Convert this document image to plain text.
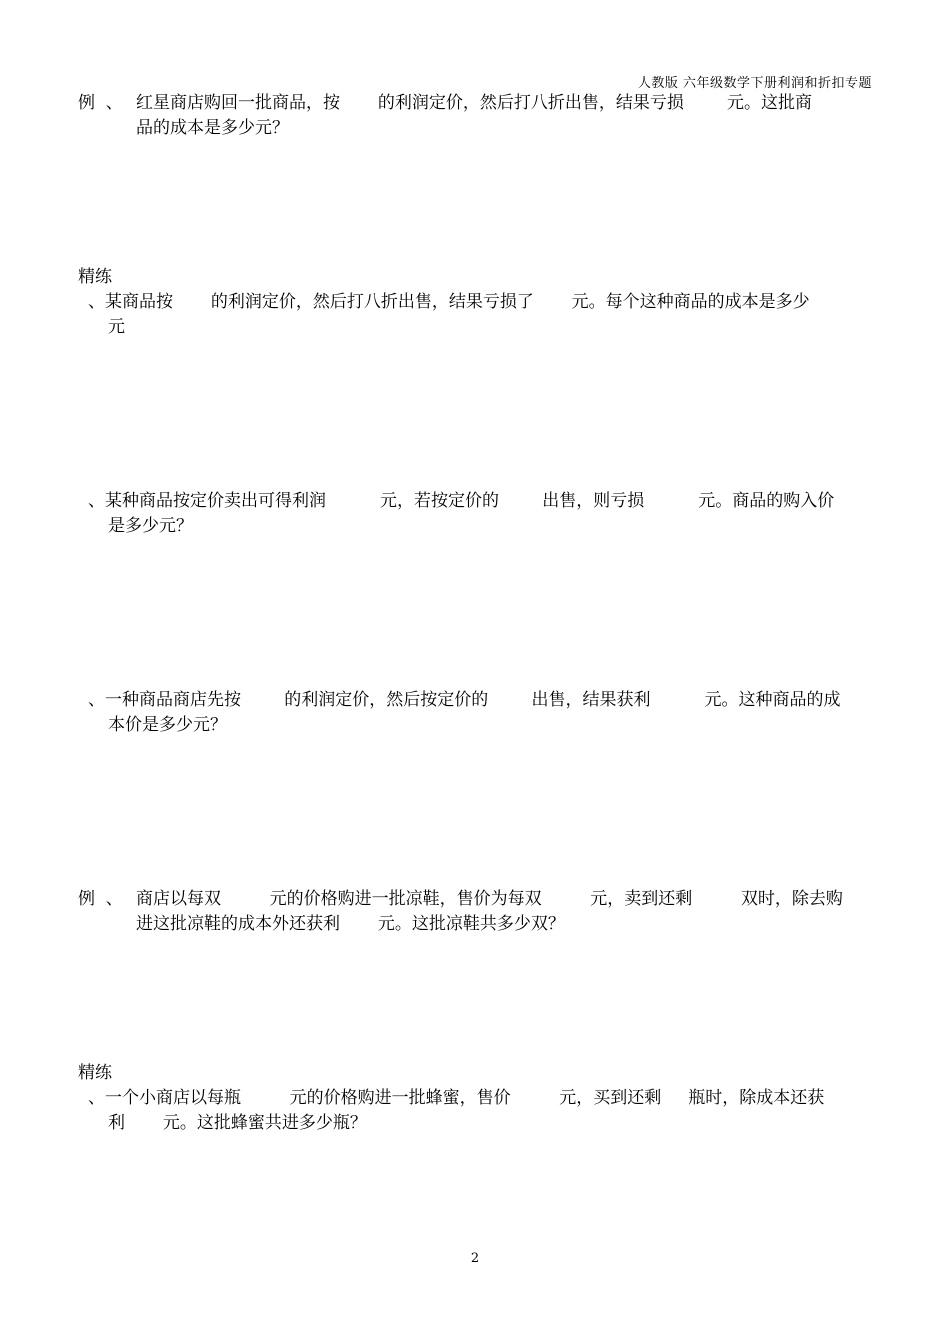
人教版 六年级数学下册利润和折扣专题
例  、 红星商店购回一批商品，按       的利润定价，然后打八折出售，结果亏损        元。这批商
品的成本是多少元？
精练
、某商品按       的利润定价，然后打八折出售，结果亏损了       元。每个这种商品的成本是多少
元
、某种商品按定价卖出可得利润          元，若按定价的        出售，则亏损          元。商品的购入价
是多少元？
、一种商品商店先按        的利润定价，然后按定价的        出售，结果获利          元。这种商品的成
本价是多少元？
例  、 商店以每双         元的价格购进一批凉鞋，售价为每双         元，卖到还剩         双时，除去购
进这批凉鞋的成本外还获利       元。这批凉鞋共多少双？
精练
、一个小商店以每瓶         元的价格购进一批蜂蜜，售价         元，买到还剩     瓶时，除成本还获
利       元。这批蜂蜜共进多少瓶？
2
